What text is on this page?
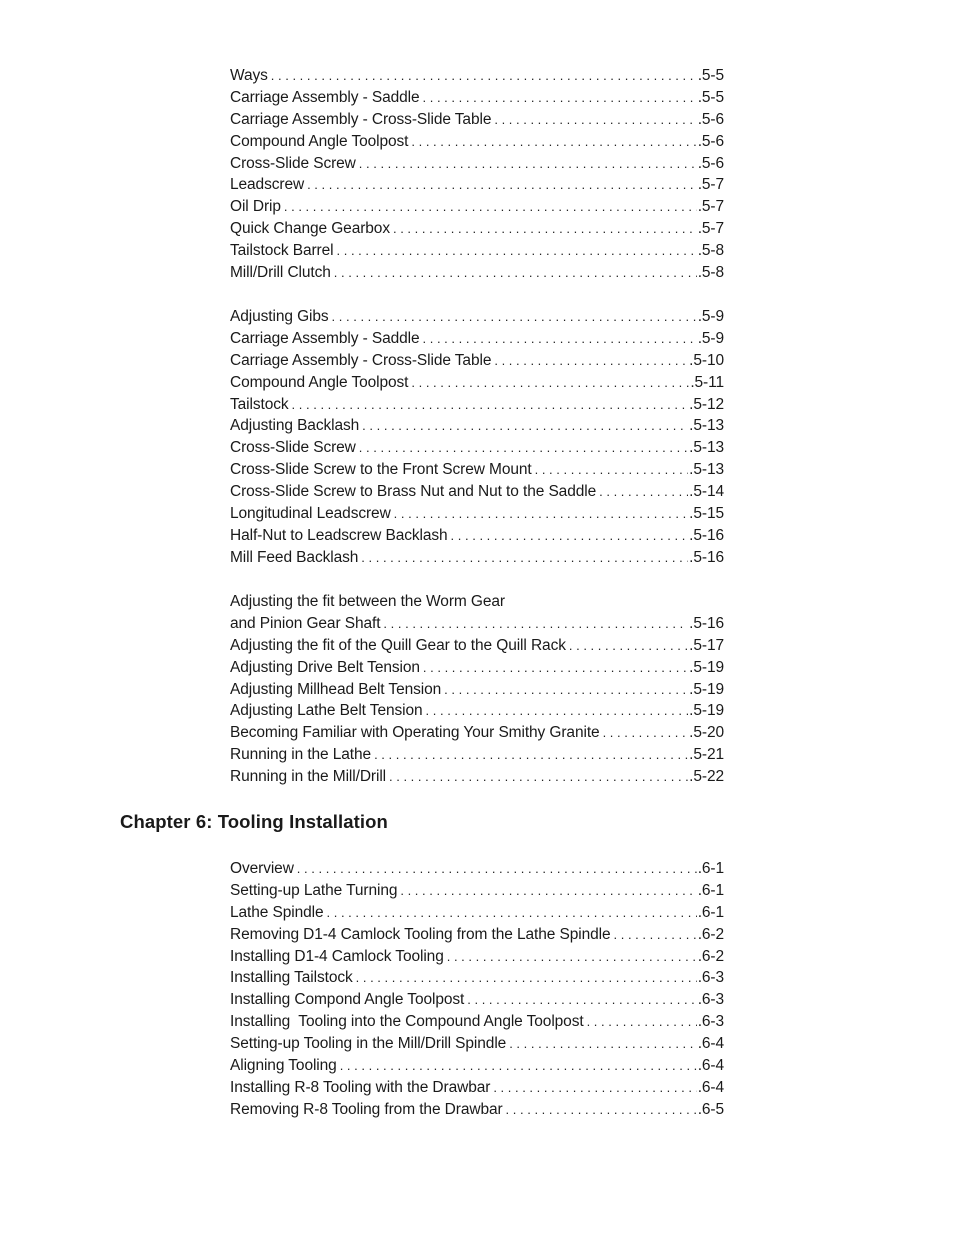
Ways . . .	.5-5
Carriage Assembly - Saddle . . .	.5-5
Carriage Assembly - Cross-Slide Table . . .	.5-6
Compound Angle Toolpost . . .	.5-6
Cross-Slide Screw . . .	.5-6
Leadscrew . . .	.5-7
Oil Drip . . .	.5-7
Quick Change Gearbox . . .	.5-7
Tailstock Barrel . . .	.5-8
Mill/Drill Clutch . . .	.5-8
Adjusting Gibs . . .	.5-9
Carriage Assembly - Saddle . . .	.5-9
Carriage Assembly - Cross-Slide Table . . .	.5-10
Compound Angle Toolpost . . .	.5-11
Tailstock . . .	.5-12
Adjusting Backlash . . .	.5-13
Cross-Slide Screw . . .	.5-13
Cross-Slide Screw to the Front Screw Mount . . .	.5-13
Cross-Slide Screw to Brass Nut and Nut to the Saddle . . .	.5-14
Longitudinal Leadscrew . . .	.5-15
Half-Nut to Leadscrew Backlash . . .	.5-16
Mill Feed Backlash . . .	.5-16
Adjusting the fit between the Worm Gear
and Pinion Gear Shaft . . .	.5-16
Adjusting the fit of the Quill Gear to the Quill Rack . . .	.5-17
Adjusting Drive Belt Tension . . .	.5-19
Adjusting Millhead Belt Tension . . .	.5-19
Adjusting Lathe Belt Tension . . .	.5-19
Becoming Familiar with Operating Your Smithy Granite . . .	.5-20
Running in the Lathe . . .	.5-21
Running in the Mill/Drill . . .	.5-22
Chapter 6: Tooling Installation
Overview . . .	.6-1
Setting-up Lathe Turning . . .	.6-1
Lathe Spindle . . .	.6-1
Removing D1-4 Camlock Tooling from the Lathe Spindle . . .	.6-2
Installing D1-4 Camlock Tooling . . .	.6-2
Installing Tailstock . . .	.6-3
Installing Compond Angle Toolpost . . .	.6-3
Installing  Tooling into the Compound Angle Toolpost . . .	.6-3
Setting-up Tooling in the Mill/Drill Spindle . . .	.6-4
Aligning Tooling . . .	.6-4
Installing R-8 Tooling with the Drawbar . . .	.6-4
Removing R-8 Tooling from the Drawbar . . .	.6-5
